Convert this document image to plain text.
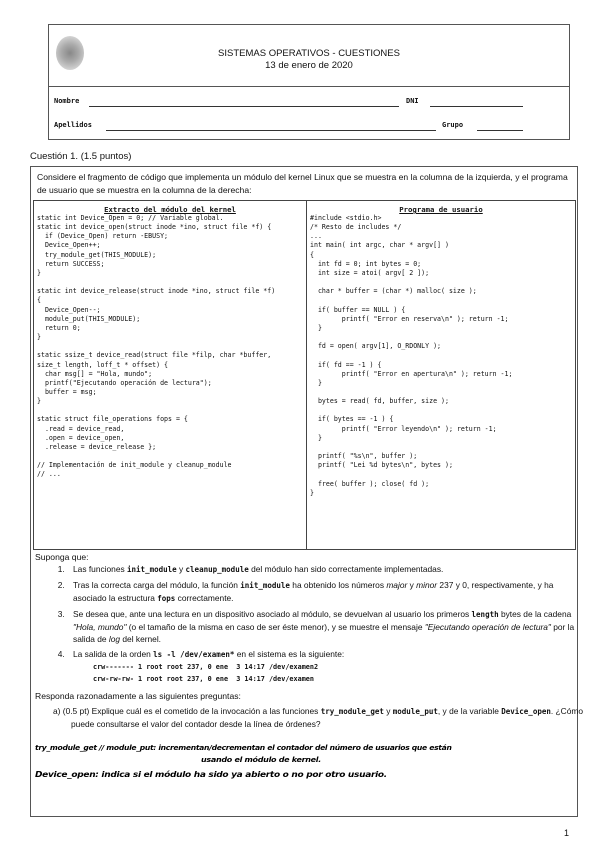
SISTEMAS OPERATIVOS - CUESTIONES
13 de enero de 2020
Nombre	DNI
Apellidos	Grupo
Cuestión 1. (1.5 puntos)
Considere el fragmento de código que implementa un módulo del kernel Linux que se muestra en la columna de la izquierda, y el programa de usuario que se muestra en la columna de la derecha:
Extracto del módulo del kernel
static int Device_Open = 0; // Variable global.
static int device_open(struct inode *ino, struct file *f) {
if (Device_Open) return -EBUSY;
Device_Open++;
try_module_get(THIS_MODULE);
return SUCCESS;
}

static int device_release(struct inode *ino, struct file *f)
{
Device_Open--;
module_put(THIS_MODULE);
return 0;
}

static ssize_t device_read(struct file *filp, char *buffer,
size_t length, loff_t * offset) {
char msg[] = "Hola, mundo";
printf("Ejecutando operación de lectura");
buffer = msg;
}

static struct file_operations fops = {
.read = device_read,
.open = device_open,
.release = device_release };

// Implementación de init_module y cleanup_module
// ...
Programa de usuario
#include <stdio.h>
/* Resto de includes */
...
int main( int argc, char * argv[] )
{
int fd = 0; int bytes = 0;
int size = atoi( argv[ 2 ]);

char * buffer = (char *) malloc( size );

if( buffer == NULL ) {
printf( "Error en reserva\n" ); return -1;
}

fd = open( argv[1], O_RDONLY );

if( fd == -1 ) {
printf( "Error en apertura\n" ); return -1;
}

bytes = read( fd, buffer, size );

if( bytes == -1 ) {
printf( "Error leyendo\n" ); return -1;
}

printf( "%s\n", buffer );
printf( "Lei %d bytes\n", bytes );

free( buffer ); close( fd );
}
Suponga que:
1. Las funciones init_module y cleanup_module del módulo han sido correctamente implementadas.
2. Tras la correcta carga del módulo, la función init_module ha obtenido los números major y minor 237 y 0, respectivamente, y ha asociado la estructura fops correctamente.
3. Se desea que, ante una lectura en un dispositivo asociado al módulo, se devuelvan al usuario los primeros length bytes de la cadena "Hola, mundo" (o el tamaño de la misma en caso de ser éste menor), y se muestre el mensaje "Ejecutando operación de lectura" por la salida de log del kernel.
4. La salida de la orden ls -l /dev/examen* en el sistema es la siguiente:
crw------- 1 root root 237, 0 ene  3 14:17 /dev/examen2
crw-rw-rw- 1 root root 237, 0 ene  3 14:17 /dev/examen
Responda razonadamente a las siguientes preguntas:
a) (0.5 pt) Explique cuál es el cometido de la invocación a las funciones try_module_get y module_put, y de la variable Device_open. ¿Cómo puede consultarse el valor del contador desde la línea de órdenes?
try_module_get // module_put: incrementan/decrementan el contador del número de usuarios que están
usando el módulo de kernel.
Device_open: indica si el módulo ha sido ya abierto o no por otro usuario.
1
